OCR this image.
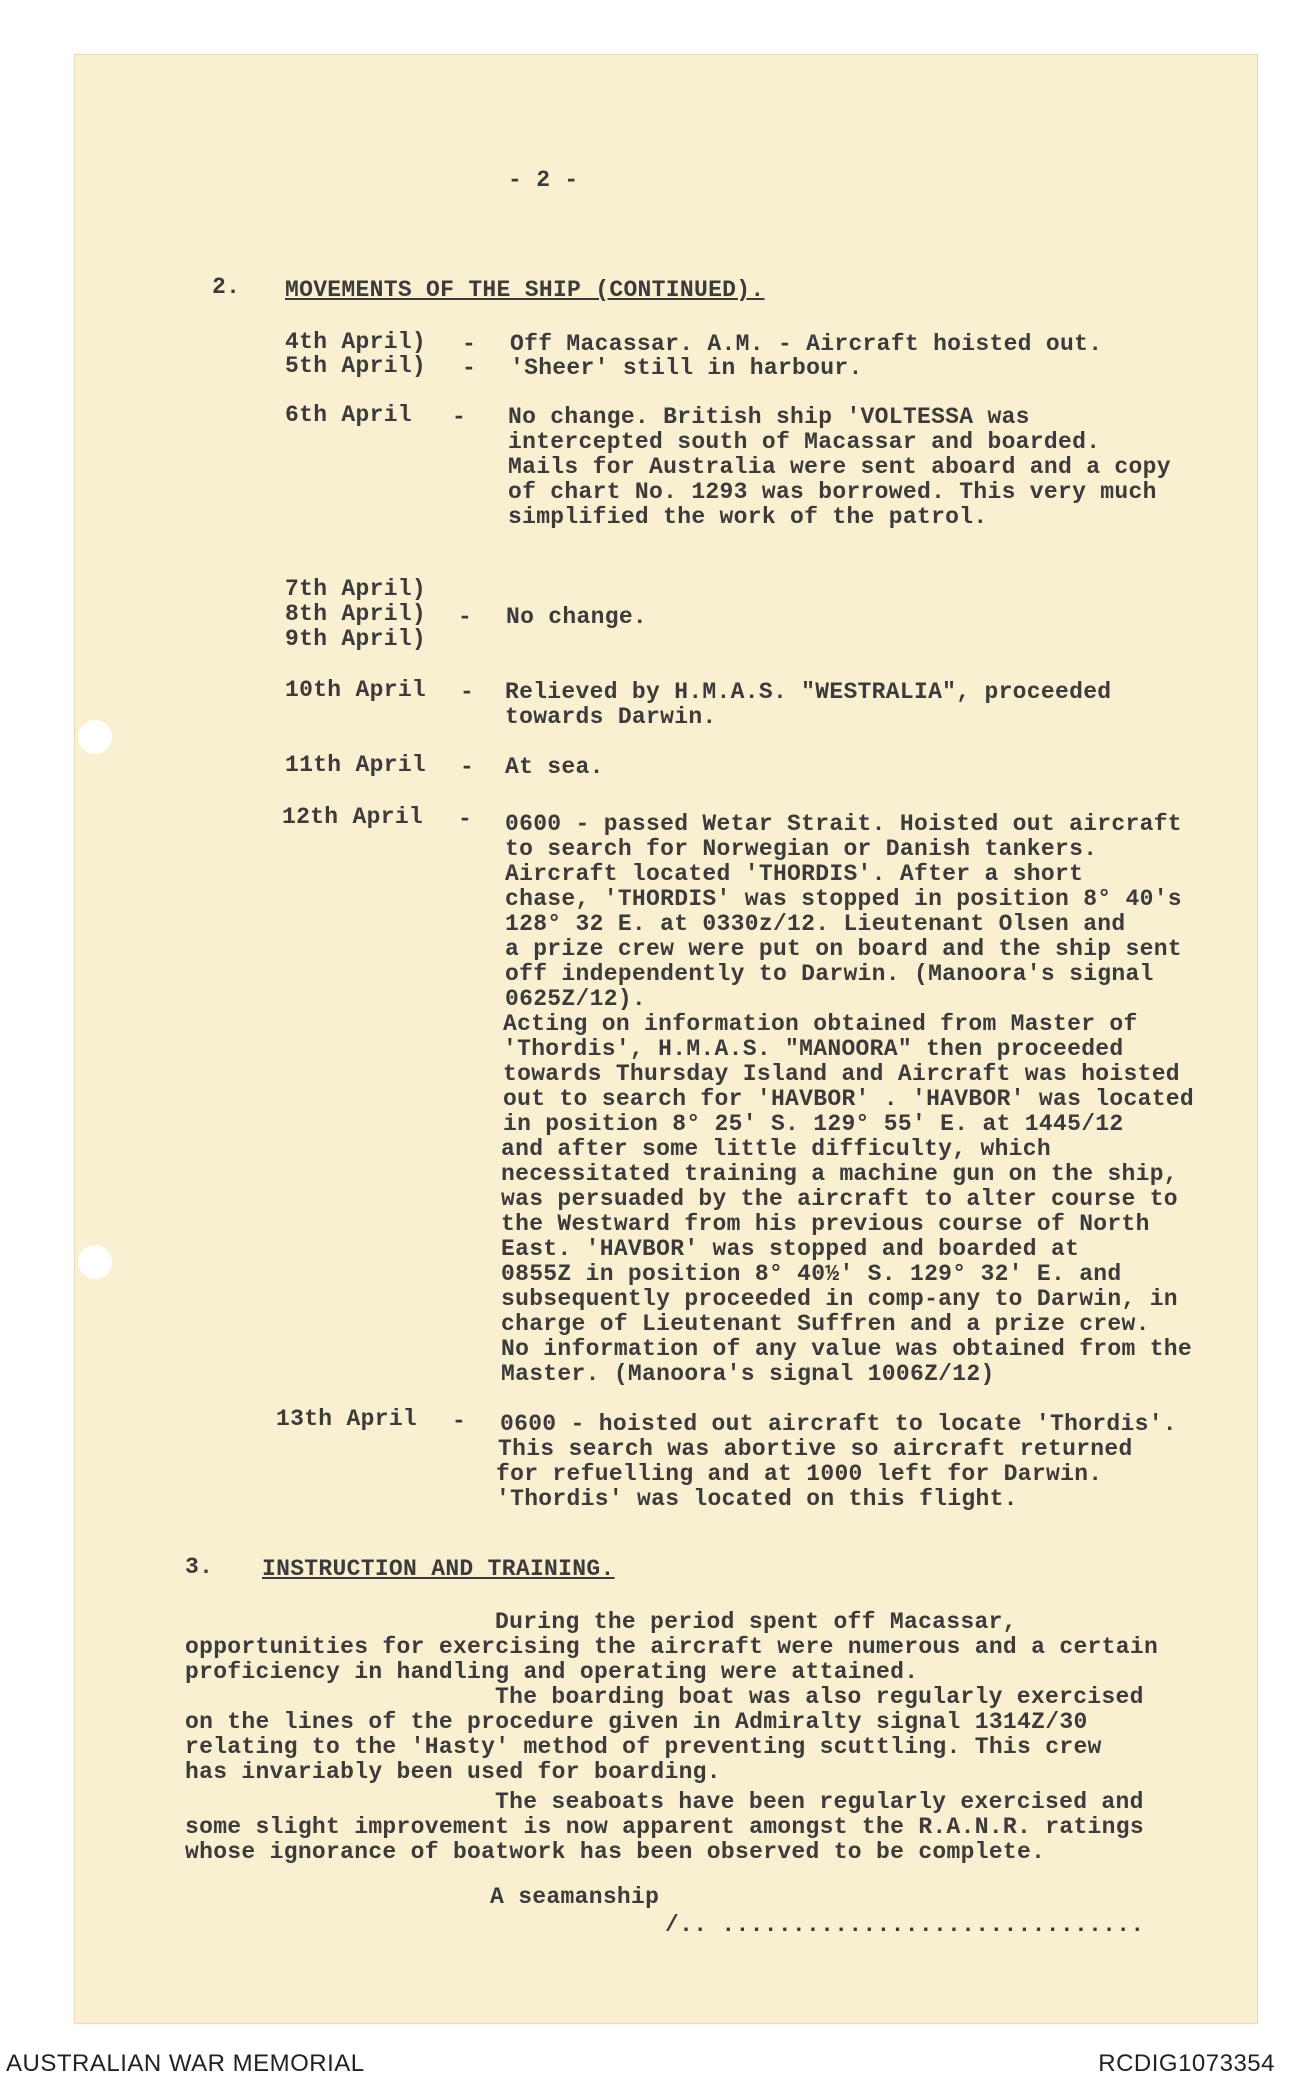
- 2 -
2. MOVEMENTS OF THE SHIP (CONTINUED).
4th April)
5th April)
-
-
Off Macassar. A.M. - Aircraft hoisted out.
'Sheer' still in harbour.
6th April - No change. British ship 'VOLTESSA was
intercepted south of Macassar and boarded.
Mails for Australia were sent aboard and a copy
of chart No. 1293 was borrowed. This very much
simplified the work of the patrol.
7th April)
8th April)
9th April)
- No change.
10th April - Relieved by H.M.A.S. "WESTRALIA", proceeded
towards Darwin.
11th April - At sea.
12th April - 0600 - passed Wetar Strait. Hoisted out aircraft
to search for Norwegian or Danish tankers.
Aircraft located 'THORDIS'. After a short
chase, 'THORDIS' was stopped in position 8° 40's
128° 32 E. at 0330z/12. Lieutenant Olsen and
a prize crew were put on board and the ship sent
off independently to Darwin. (Manoora's signal
0625Z/12).
Acting on information obtained from Master of
'Thordis', H.M.A.S. "MANOORA" then proceeded
towards Thursday Island and Aircraft was hoisted
out to search for 'HAVBOR' . 'HAVBOR' was located
in position 8° 25' S. 129° 55' E. at 1445/12
and after some little difficulty, which
necessitated training a machine gun on the ship,
was persuaded by the aircraft to alter course to
the Westward from his previous course of North
East. 'HAVBOR' was stopped and boarded at
0855Z in position 8° 40½' S. 129° 32' E. and
subsequently proceeded in comp-any to Darwin, in
charge of Lieutenant Suffren and a prize crew.
No information of any value was obtained from the
Master. (Manoora's signal 1006Z/12)
13th April - 0600 - hoisted out aircraft to locate 'Thordis'.
This search was abortive so aircraft returned
for refuelling and at 1000 left for Darwin.
'Thordis' was located on this flight.
3. INSTRUCTION AND TRAINING.
During the period spent off Macassar,
opportunities for exercising the aircraft were numerous and a certain
proficiency in handling and operating were attained.
The boarding boat was also regularly exercised
on the lines of the procedure given in Admiralty signal 1314Z/30
relating to the 'Hasty' method of preventing scuttling. This crew
has invariably been used for boarding.
The seaboats have been regularly exercised and
some slight improvement is now apparent amongst the R.A.N.R. ratings
whose ignorance of boatwork has been observed to be complete.
A seamanship
/.. ..............................
AUSTRALIAN WAR MEMORIAL	RCDIG1073354
